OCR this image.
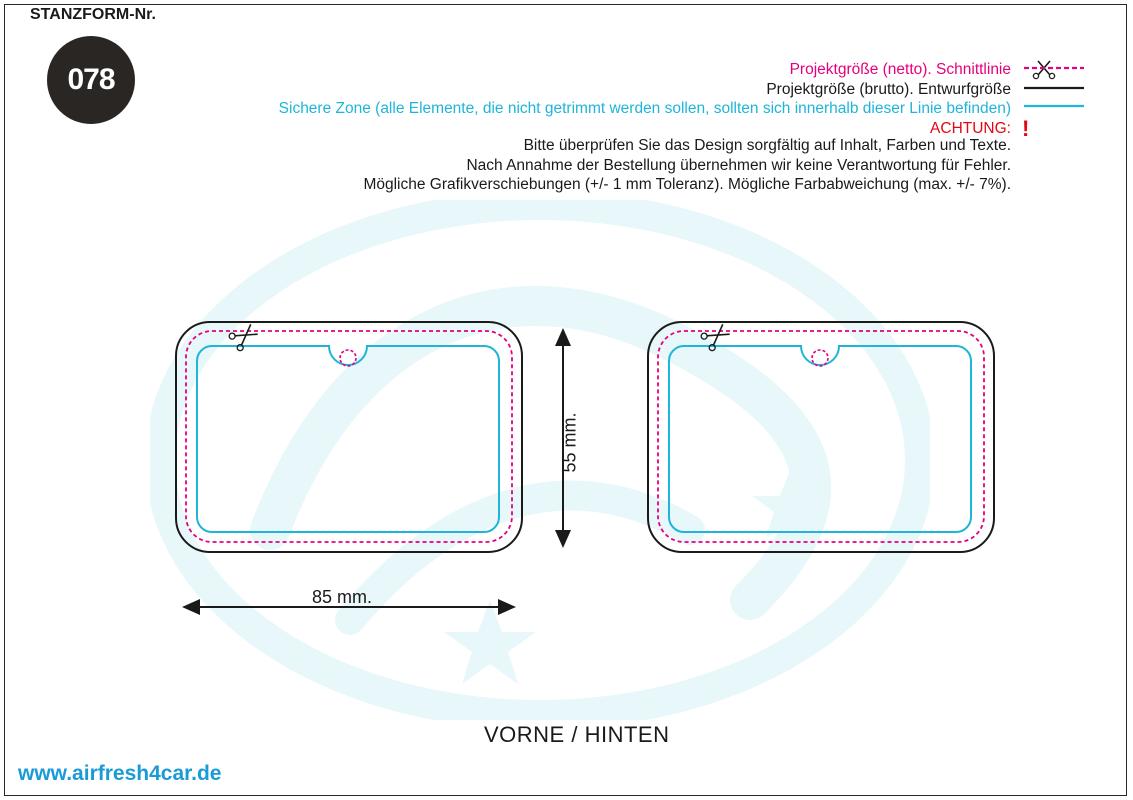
STANZFORM-Nr.
078	Projektgröße (netto). Schnittlinie
Projektgröße (brutto). Entwurfgröße
Sichere Zone (alle Elemente, die nicht getrimmt werden sollen, sollten sich innerhalb dieser Linie befinden)
ACHTUNG: !
Bitte überprüfen Sie das Design sorgfältig auf Inhalt, Farben und Texte.
Nach Annahme der Bestellung übernehmen wir keine Verantwortung für Fehler.
Mögliche Grafikverschiebungen (+/- 1 mm Toleranz). Mögliche Farbabweichung (max. +/- 7%).
85 mm.
55 mm.
VORNE / HINTEN
www.airfresh4car.de
